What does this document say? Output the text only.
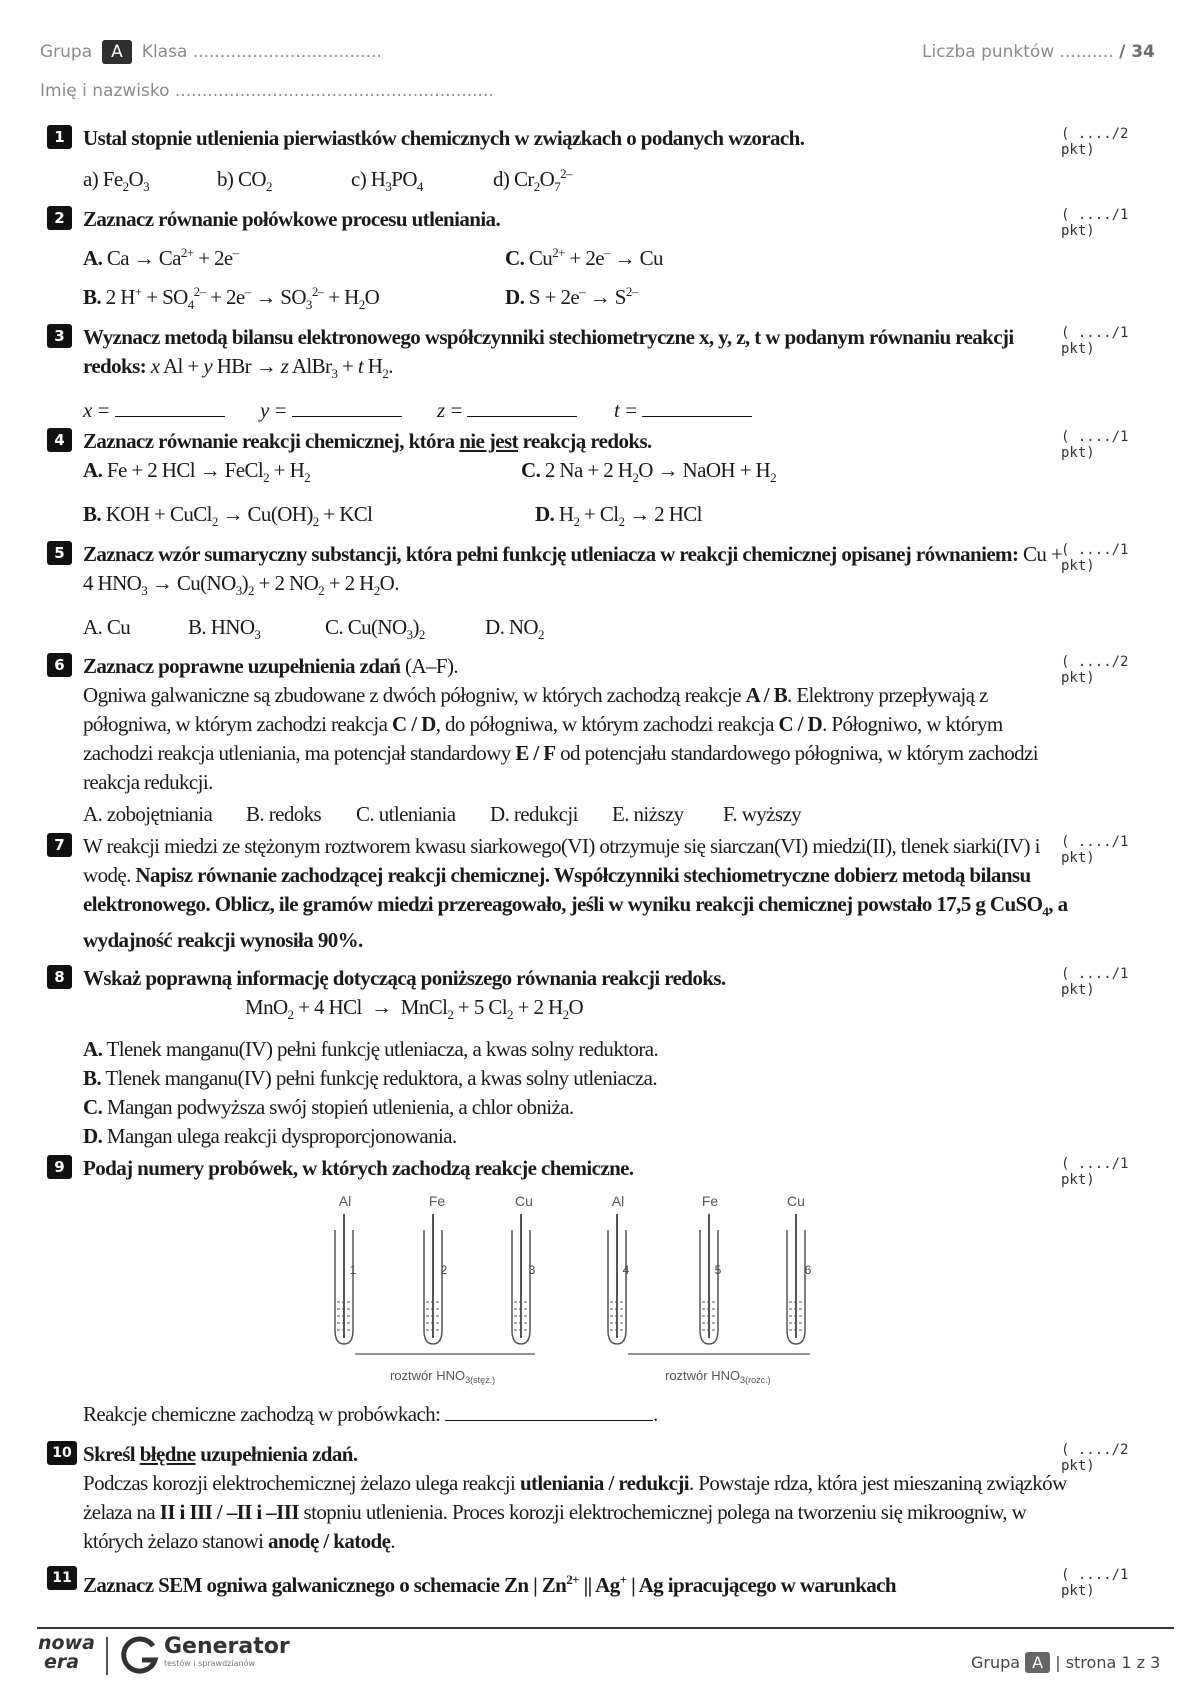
Grupa A Klasa ...................................	Liczba punktów .......... / 34
Imię i nazwisko ...........................................................
1	( ..../2 pkt)
Ustal stopnie utlenienia pierwiastków chemicznych w związkach o podanych wzorach.
a) $Fe_2O_3$	b) $CO_2$	c) $H_3PO_4$	d) $Cr_2O_7^{2-}$
2	( ..../1 pkt)
Zaznacz równanie połówkowe procesu utleniania.
A. $Ca \to Ca^{2+} + 2e^-$	C. $Cu^{2+} + 2e^- \to Cu$
B. 2 $H^+ + SO_4^{2-} + 2e^- \to SO_3^{2-} + H_2O$	D. $S + 2e^- \to S^{2-}$
3	( ..../1 pkt)
Wyznacz metodą bilansu elektronowego współczynniki stechiometryczne x, y, z, t w podanym równaniu reakcji redoks: x Al + y HBr → z AlBr$_3$ + t $H_2$.
x =	y =	z =	t =
4	( ..../1 pkt)
Zaznacz równanie reakcji chemicznej, która nie jest reakcją redoks.
A. Fe + 2 HCl → FeCl$_2$ + $H_2$	C. 2 Na + 2 $H_2O$ → NaOH + $H_2$
B. KOH + CuCl$_2$ → $Cu(OH)_2$ + KCl	D. $H_2 + Cl_2 \to 2$ HCl
5	( ..../1 pkt)
Zaznacz wzór sumaryczny substancji, która pełni funkcję utleniacza w reakcji chemicznej opisanej równaniem: Cu + 4 $HNO_3 \to Cu(NO_3)_2 + 2$ $NO_2 + 2$ $H_2O$.
A. Cu	B. $HNO_3$	C. $Cu(NO_3)_2$	D. $NO_2$
6	( ..../2 pkt)
Zaznacz poprawne uzupełnienia zdań (A–F).
Ogniwa galwaniczne są zbudowane z dwóch półogniw, w których zachodzą reakcje A / B. Elektrony przepływają z półogniwa, w którym zachodzi reakcja C / D, do półogniwa, w którym zachodzi reakcja C / D. Półogniwo, w którym zachodzi reakcja utleniania, ma potencjał standardowy E / F od potencjału standardowego półogniwa, w którym zachodzi reakcja redukcji.
A. zobojętniania	B. redoks	C. utleniania	D. redukcji	E. niższy	F. wyższy
7	( ..../1 pkt)
W reakcji miedzi ze stężonym roztworem kwasu siarkowego(VI) otrzymuje się siarczan(VI) miedzi(II), tlenek siarki(IV) i wodę. Napisz równanie zachodzącej reakcji chemicznej. Współczynniki stechiometryczne dobierz metodą bilansu elektronowego. Oblicz, ile gramów miedzi przereagowało, jeśli w wyniku reakcji chemicznej powstało 17,5 g CuSO$_4$, a wydajność reakcji wynosiła 90%.
8	( ..../1 pkt)
Wskaż poprawną informację dotyczącą poniższego równania reakcji redoks.
MnO$_2$ + 4 HCl  →  MnCl$_2$ + 5 $Cl_2 + 2$ $H_2O$
A. Tlenek manganu(IV) pełni funkcję utleniacza, a kwas solny reduktora.
B. Tlenek manganu(IV) pełni funkcję reduktora, a kwas solny utleniacza.
C. Mangan podwyższa swój stopień utlenienia, a chlor obniża.
D. Mangan ulega reakcji dysproporcjonowania.
9	( ..../1 pkt)
Podaj numery probówek, w których zachodzą reakcje chemiczne.
Al	Fe	Cu	Al	Fe	Cu
1	2	3	4	5	6
roztwór $HNO_{3(stęż.)}$	roztwór $HNO_{3(rozc.)}$
Reakcje chemiczne zachodzą w probówkach:	.
10	( ..../2 pkt)
Skreśl błędne uzupełnienia zdań.
Podczas korozji elektrochemicznej żelazo ulega reakcji utleniania / redukcji. Powstaje rdza, która jest mieszaniną związków żelaza na II i III / –II i –III stopniu utlenienia. Proces korozji elektrochemicznej polega na tworzeniu się mikroogniw, w których żelazo stanowi anodę / katodę.
11	( ..../1 pkt)
Zaznacz SEM ogniwa galwanicznego o schemacie Zn | $Zn^{2+}$ || Ag+ | Ag ipracującego w warunkach
nowa
era
Generator
testów i sprawdzianów	Grupa A | strona 1 z 3
